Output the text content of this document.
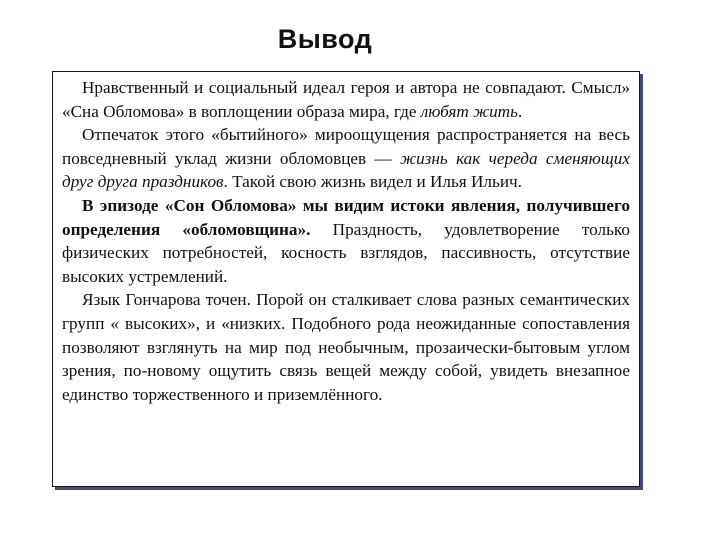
Вывод

Нравственный и социальный идеал героя и автора не совпадают. Смысл» «Сна Обломова» в воплощении образа мира, где любят жить.

Отпечаток этого «бытийного» мироощущения распространяется на весь повседневный уклад жизни обломовцев — жизнь как череда сменяющих друг друга праздников. Такой свою жизнь видел и Илья Ильич.

В эпизоде «Сон Обломова» мы видим истоки явления, получившего определения «обломовщина». Праздность, удовлетворение только физических потребностей, косность взглядов, пассивность, отсутствие высоких устремлений.

Язык Гончарова точен. Порой он сталкивает слова разных семантических групп « высоких», и «низких. Подобного рода неожиданные сопоставления позволяют взглянуть на мир под необычным, прозаически-бытовым углом зрения, по-новому ощутить связь вещей между собой, увидеть внезапное единство торжественного и приземлённого.
